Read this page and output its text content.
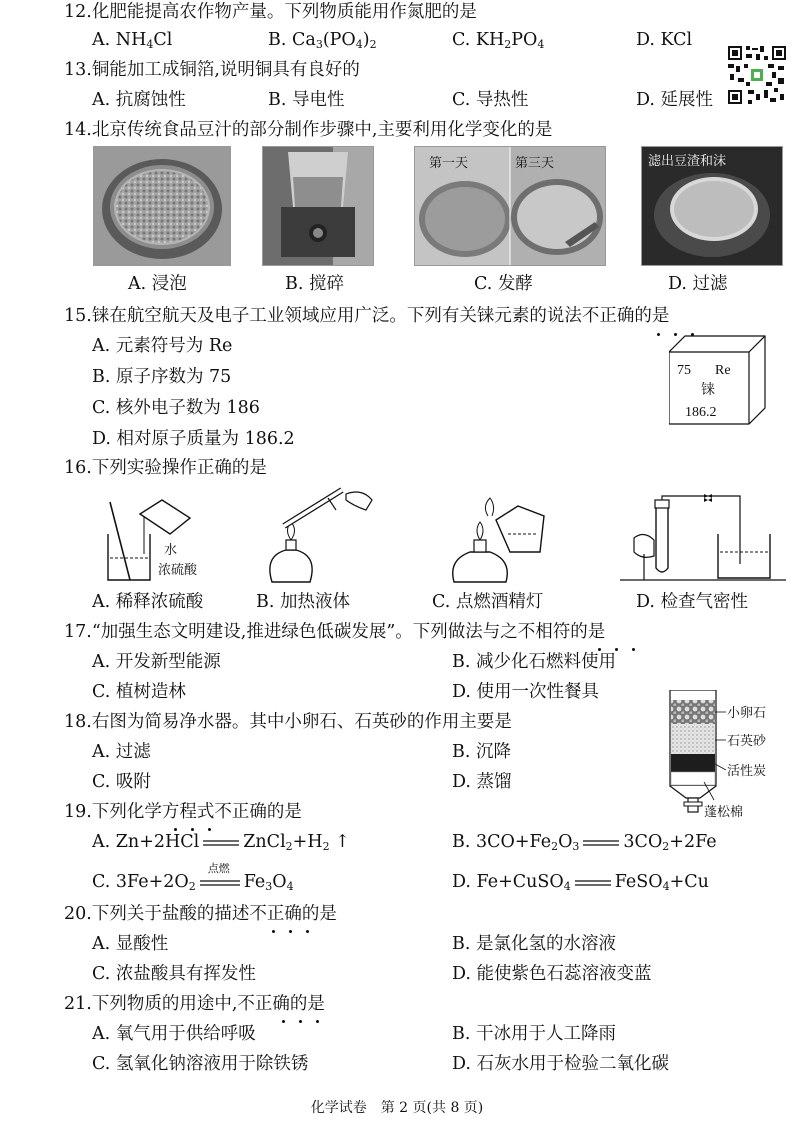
12.化肥能提高农作物产量。下列物质能用作氮肥的是
A. $NH_4Cl$	B. $Ca_3(PO_4)_2$	C. $KH_2PO_4$	D. KCl
13.铜能加工成铜箔,说明铜具有良好的
A. 抗腐蚀性	B. 导电性	C. 导热性	D. 延展性
14.北京传统食品豆汁的部分制作步骤中,主要利用化学变化的是
第一天	第三天	滤出豆渣和沫
A. 浸泡	B. 搅碎	C. 发酵	D. 过滤
15.铼在航空航天及电子工业领域应用广泛。下列有关铼元素的说法不正确的是
A. 元素符号为 Re
B. 原子序数为 75
C. 核外电子数为 186
D. 相对原子质量为 186.2
75 Re
铼
186.2
16.下列实验操作正确的是
水
浓硫酸
A. 稀释浓硫酸	B. 加热液体	C. 点燃酒精灯	D. 检查气密性
17.“加强生态文明建设,推进绿色低碳发展”。下列做法与之不相符的是
A. 开发新型能源	B. 减少化石燃料使用
C. 植树造林	D. 使用一次性餐具
小卵石
石英砂
活性炭
蓬松棉
18.右图为简易净水器。其中小卵石、石英砂的作用主要是
A. 过滤	B. 沉降
C. 吸附	D. 蒸馏
19.下列化学方程式不正确的是
A. Zn+2HCl	$ZnCl_2+H_2$ ↑	B. $3CO+Fe_2O_3$	$3CO_2+2Fe$
C. $3Fe+2O_2$
点燃
$Fe_3O_4$	D. Fe+CuSO$_4$	FeSO$_4$+Cu
20.下列关于盐酸的描述不正确的是
A. 显酸性	B. 是氯化氢的水溶液
C. 浓盐酸具有挥发性	D. 能使紫色石蕊溶液变蓝
21.下列物质的用途中,不正确的是
A. 氧气用于供给呼吸	B. 干冰用于人工降雨
C. 氢氧化钠溶液用于除铁锈	D. 石灰水用于检验二氧化碳
化学试卷　第 2 页(共 8 页)
